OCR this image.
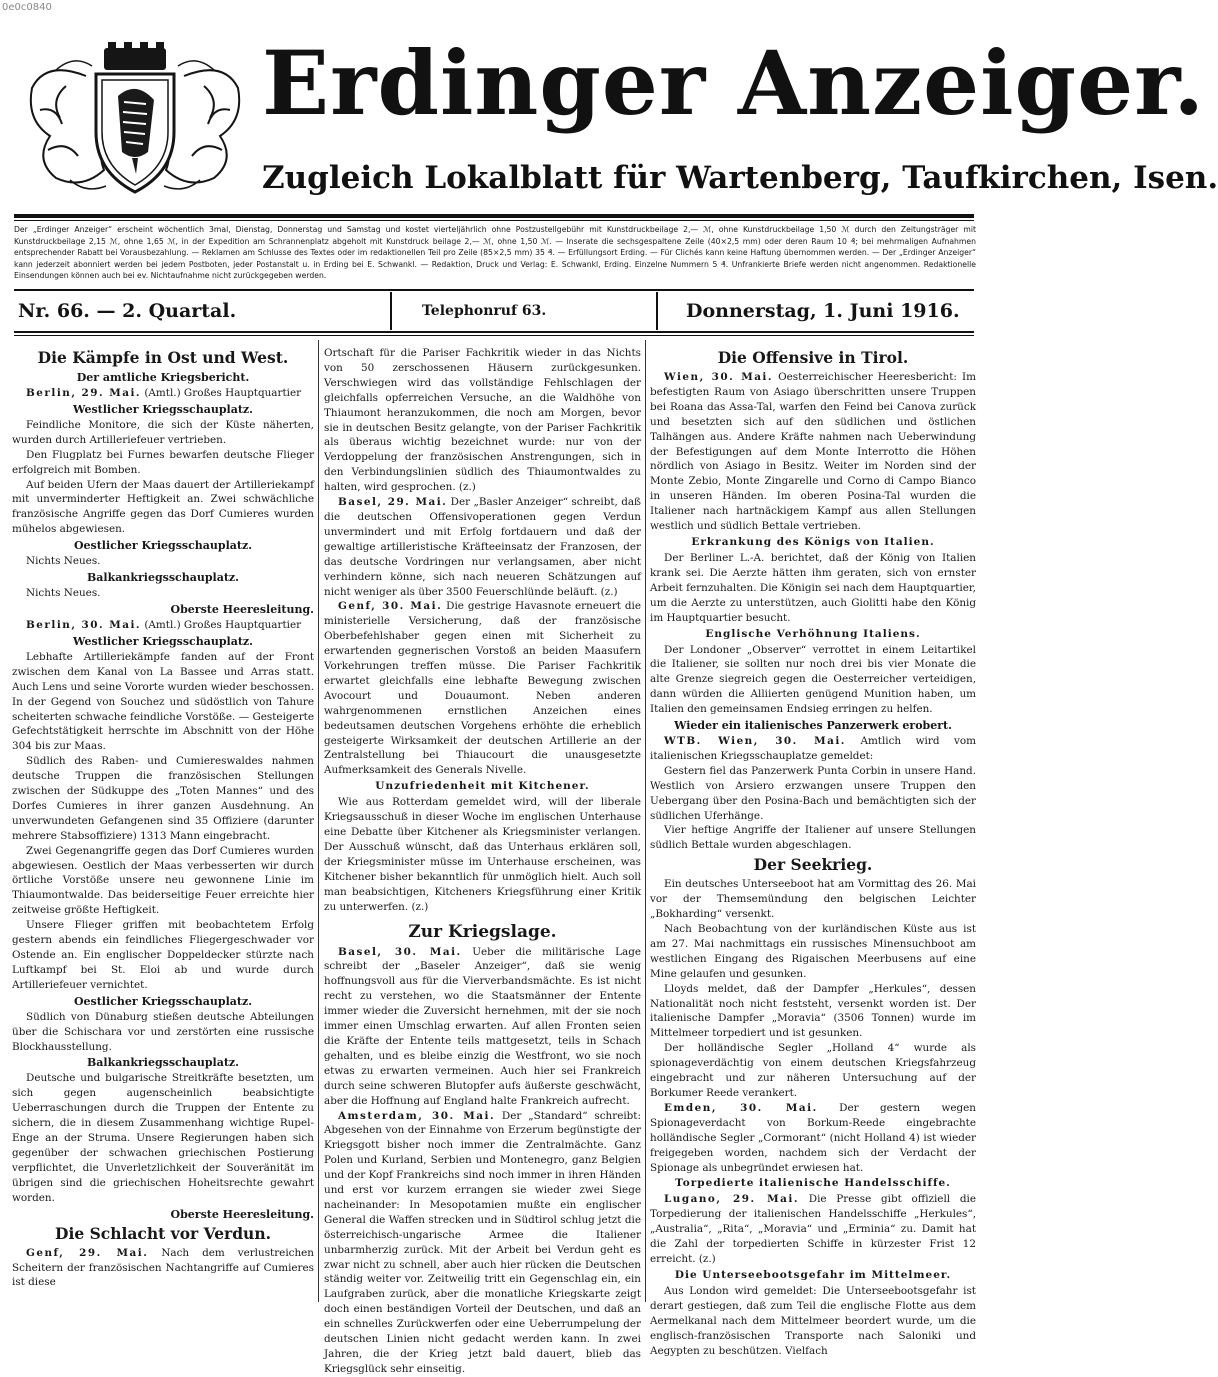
0e0c0840
Erdinger Anzeiger.
Zugleich Lokalblatt für Wartenberg, Taufkirchen, Isen.
Der „Erdinger Anzeiger“ erscheint wöchentlich 3mal, Dienstag, Donnerstag und Samstag und kostet vierteljährlich ohne Postzustellgebühr mit Kunstdruckbeilage 2,— ℳ, ohne Kunstdruckbeilage 1,50 ℳ durch den Zeitungsträger mit Kunstdruckbeilage 2,15 ℳ, ohne 1,65 ℳ, in der Expedition am Schrannenplatz abgeholt mit Kunstdruck beilage 2,— ℳ, ohne 1,50 ℳ. — Inserate die sechsgespaltene Zeile (40×2,5 mm) oder deren Raum 10 ₰; bei mehrmaligen Aufnahmen entsprechender Rabatt bei Vorausbezahlung. — Reklamen am Schlusse des Textes oder im redaktionellen Teil pro Zeile (85×2,5 mm) 35 ₰. — Erfüllungsort Erding. — Für Clichés kann keine Haftung übernommen werden. — Der „Erdinger Anzeiger“ kann jederzeit abonniert werden bei jedem Postboten, jeder Postanstalt u. in Erding bei E. Schwankl. — Redaktion, Druck und Verlag: E. Schwankl, Erding. Einzelne Nummern 5 ₰. Unfrankierte Briefe werden nicht angenommen. Redaktionelle Einsendungen können auch bei ev. Nichtaufnahme nicht zurückgegeben werden.
Nr. 66. — 2. Quartal.	Telephonruf 63.	Donnerstag, 1. Juni 1916.
Die Kämpfe in Ost und West.
Der amtliche Kriegsbericht.

Berlin, 29. Mai. (Amtl.) Großes Hauptquartier

Westlicher Kriegsschauplatz.

Feindliche Monitore, die sich der Küste näherten, wurden durch Artilleriefeuer vertrieben.

Den Flugplatz bei Furnes bewarfen deutsche Flieger erfolgreich mit Bomben.

Auf beiden Ufern der Maas dauert der Artilleriekampf mit unverminderter Heftigkeit an. Zwei schwächliche französische Angriffe gegen das Dorf Cumieres wurden mühelos abgewiesen.

Oestlicher Kriegsschauplatz.

Nichts Neues.

Balkankriegsschauplatz.

Nichts Neues.

Oberste Heeresleitung.

Berlin, 30. Mai. (Amtl.) Großes Hauptquartier

Westlicher Kriegsschauplatz.

Lebhafte Artilleriekämpfe fanden auf der Front zwischen dem Kanal von La Bassee und Arras statt. Auch Lens und seine Vororte wurden wieder beschossen. In der Gegend von Souchez und südöstlich von Tahure scheiterten schwache feindliche Vorstöße. — Gesteigerte Gefechtstätigkeit herrschte im Abschnitt von der Höhe 304 bis zur Maas.

Südlich des Raben- und Cumiereswaldes nahmen deutsche Truppen die französischen Stellungen zwischen der Südkuppe des „Toten Mannes“ und des Dorfes Cumieres in ihrer ganzen Ausdehnung. An unverwundeten Gefangenen sind 35 Offiziere (darunter mehrere Stabsoffiziere) 1313 Mann eingebracht.

Zwei Gegenangriffe gegen das Dorf Cumieres wurden abgewiesen. Oestlich der Maas verbesserten wir durch örtliche Vorstöße unsere neu gewonnene Linie im Thiaumontwalde. Das beiderseitige Feuer erreichte hier zeitweise größte Heftigkeit.

Unsere Flieger griffen mit beobachtetem Erfolg gestern abends ein feindliches Fliegergeschwader vor Ostende an. Ein englischer Doppeldecker stürzte nach Luftkampf bei St. Eloi ab und wurde durch Artilleriefeuer vernichtet.

Oestlicher Kriegsschauplatz.

Südlich von Dünaburg stießen deutsche Abteilungen über die Schischara vor und zerstörten eine russische Blockhausstellung.

Balkankriegsschauplatz.

Deutsche und bulgarische Streitkräfte besetzten, um sich gegen augenscheinlich beabsichtigte Ueberraschungen durch die Truppen der Entente zu sichern, die in diesem Zusammenhang wichtige Rupel-Enge an der Struma. Unsere Regierungen haben sich gegenüber der schwachen griechischen Postierung verpflichtet, die Unverletzlichkeit der Souveränität im übrigen sind die griechischen Hoheitsrechte gewahrt worden.

Oberste Heeresleitung.
Die Schlacht vor Verdun.

Genf, 29. Mai. Nach dem verlustreichen Scheitern der französischen Nachtangriffe auf Cumieres ist diese

Ortschaft für die Pariser Fachkritik wieder in das Nichts von 50 zerschossenen Häusern zurückgesunken. Verschwiegen wird das vollständige Fehlschlagen der gleichfalls opferreichen Versuche, an die Waldhöhe von Thiaumont heranzukommen, die noch am Morgen, bevor sie in deutschen Besitz gelangte, von der Pariser Fachkritik als überaus wichtig bezeichnet wurde: nur von der Verdoppelung der französischen Anstrengungen, sich in den Verbindungslinien südlich des Thiaumontwaldes zu halten, wird gesprochen. (z.)

Basel, 29. Mai. Der „Basler Anzeiger“ schreibt, daß die deutschen Offensivoperationen gegen Verdun unvermindert und mit Erfolg fortdauern und daß der gewaltige artilleristische Kräfteeinsatz der Franzosen, der das deutsche Vordringen nur verlangsamen, aber nicht verhindern könne, sich nach neueren Schätzungen auf nicht weniger als über 3500 Feuerschlünde beläuft. (z.)

Genf, 30. Mai. Die gestrige Havasnote erneuert die ministerielle Versicherung, daß der französische Oberbefehlshaber gegen einen mit Sicherheit zu erwartenden gegnerischen Vorstoß an beiden Maasufern Vorkehrungen treffen müsse. Die Pariser Fachkritik erwartet gleichfalls eine lebhafte Bewegung zwischen Avocourt und Douaumont. Neben anderen wahrgenommenen ernstlichen Anzeichen eines bedeutsamen deutschen Vorgehens erhöhte die erheblich gesteigerte Wirksamkeit der deutschen Artillerie an der Zentralstellung bei Thiaucourt die unausgesetzte Aufmerksamkeit des Generals Nivelle.

Unzufriedenheit mit Kitchener.

Wie aus Rotterdam gemeldet wird, will der liberale Kriegsausschuß in dieser Woche im englischen Unterhause eine Debatte über Kitchener als Kriegsminister verlangen. Der Ausschuß wünscht, daß das Unterhaus erklären soll, der Kriegsminister müsse im Unterhause erscheinen, was Kitchener bisher bekanntlich für unmöglich hielt. Auch soll man beabsichtigen, Kitcheners Kriegsführung einer Kritik zu unterwerfen. (z.)

Zur Kriegslage.

Basel, 30. Mai. Ueber die militärische Lage schreibt der „Baseler Anzeiger“, daß sie wenig hoffnungsvoll aus für die Vierverbandsmächte. Es ist nicht recht zu verstehen, wo die Staatsmänner der Entente immer wieder die Zuversicht hernehmen, mit der sie noch immer einen Umschlag erwarten. Auf allen Fronten seien die Kräfte der Entente teils mattgesetzt, teils in Schach gehalten, und es bleibe einzig die Westfront, wo sie noch etwas zu erwarten vermeinen. Auch hier sei Frankreich durch seine schweren Blutopfer aufs äußerste geschwächt, aber die Hoffnung auf England halte Frankreich aufrecht.

Amsterdam, 30. Mai. Der „Standard“ schreibt: Abgesehen von der Einnahme von Erzerum begünstigte der Kriegsgott bisher noch immer die Zentralmächte. Ganz Polen und Kurland, Serbien und Montenegro, ganz Belgien und der Kopf Frankreichs sind noch immer in ihren Händen und erst vor kurzem errangen sie wieder zwei Siege nacheinander: In Mesopotamien mußte ein englischer General die Waffen strecken und in Südtirol schlug jetzt die österreichisch-ungarische Armee die Italiener unbarmherzig zurück. Mit der Arbeit bei Verdun geht es zwar nicht zu schnell, aber auch hier rücken die Deutschen ständig weiter vor. Zeitweilig tritt ein Gegenschlag ein, ein Laufgraben zurück, aber die monatliche Kriegskarte zeigt doch einen beständigen Vorteil der Deutschen, und daß an ein schnelles Zurückwerfen oder eine Ueberrumpelung der deutschen Linien nicht gedacht werden kann. In zwei Jahren, die der Krieg jetzt bald dauert, blieb das Kriegsglück sehr einseitig.

Die Offensive in Tirol.

Wien, 30. Mai. Oesterreichischer Heeresbericht: Im befestigten Raum von Asiago überschritten unsere Truppen bei Roana das Assa-Tal, warfen den Feind bei Canova zurück und besetzten sich auf den südlichen und östlichen Talhängen aus. Andere Kräfte nahmen nach Ueberwindung der Befestigungen auf dem Monte Interrotto die Höhen nördlich von Asiago in Besitz. Weiter im Norden sind der Monte Zebio, Monte Zingarelle und Corno di Campo Bianco in unseren Händen. Im oberen Posina-Tal wurden die Italiener nach hartnäckigem Kampf aus allen Stellungen westlich und südlich Bettale vertrieben.

Erkrankung des Königs von Italien.

Der Berliner L.-A. berichtet, daß der König von Italien krank sei. Die Aerzte hätten ihm geraten, sich von ernster Arbeit fernzuhalten. Die Königin sei nach dem Hauptquartier, um die Aerzte zu unterstützen, auch Giolitti habe den König im Hauptquartier besucht.

Englische Verhöhnung Italiens.

Der Londoner „Observer“ verrottet in einem Leitartikel die Italiener, sie sollten nur noch drei bis vier Monate die alte Grenze siegreich gegen die Oesterreicher verteidigen, dann würden die Alliierten genügend Munition haben, um Italien den gemeinsamen Endsieg erringen zu helfen.

Wieder ein italienisches Panzerwerk erobert.

WTB. Wien, 30. Mai. Amtlich wird vom italienischen Kriegsschauplatze gemeldet:

Gestern fiel das Panzerwerk Punta Corbin in unsere Hand. Westlich von Arsiero erzwangen unsere Truppen den Uebergang über den Posina-Bach und bemächtigten sich der südlichen Uferhänge.

Vier heftige Angriffe der Italiener auf unsere Stellungen südlich Bettale wurden abgeschlagen.

Der Seekrieg.

Ein deutsches Unterseeboot hat am Vormittag des 26. Mai vor der Themsemündung den belgischen Leichter „Bokharding“ versenkt.

Nach Beobachtung von der kurländischen Küste aus ist am 27. Mai nachmittags ein russisches Minensuchboot am westlichen Eingang des Rigaischen Meerbusens auf eine Mine gelaufen und gesunken.

Lloyds meldet, daß der Dampfer „Herkules“, dessen Nationalität noch nicht feststeht, versenkt worden ist. Der italienische Dampfer „Moravia“ (3506 Tonnen) wurde im Mittelmeer torpediert und ist gesunken.

Der holländische Segler „Holland 4“ wurde als spionageverdächtig von einem deutschen Kriegsfahrzeug eingebracht und zur näheren Untersuchung auf der Borkumer Reede verankert.

Emden, 30. Mai. Der gestern wegen Spionageverdacht von Borkum-Reede eingebrachte holländische Segler „Cormorant“ (nicht Holland 4) ist wieder freigegeben worden, nachdem sich der Verdacht der Spionage als unbegründet erwiesen hat.

Torpedierte italienische Handelsschiffe.

Lugano, 29. Mai. Die Presse gibt offiziell die Torpedierung der italienischen Handelsschiffe „Herkules“, „Australia“, „Rita“, „Moravia“ und „Erminia“ zu. Damit hat die Zahl der torpedierten Schiffe in kürzester Frist 12 erreicht. (z.)

Die Unterseebootsgefahr im Mittelmeer.

Aus London wird gemeldet: Die Unterseebootsgefahr ist derart gestiegen, daß zum Teil die englische Flotte aus dem Aermelkanal nach dem Mittelmeer beordert wurde, um die englisch-französischen Transporte nach Saloniki und Aegypten zu beschützen. Vielfach
